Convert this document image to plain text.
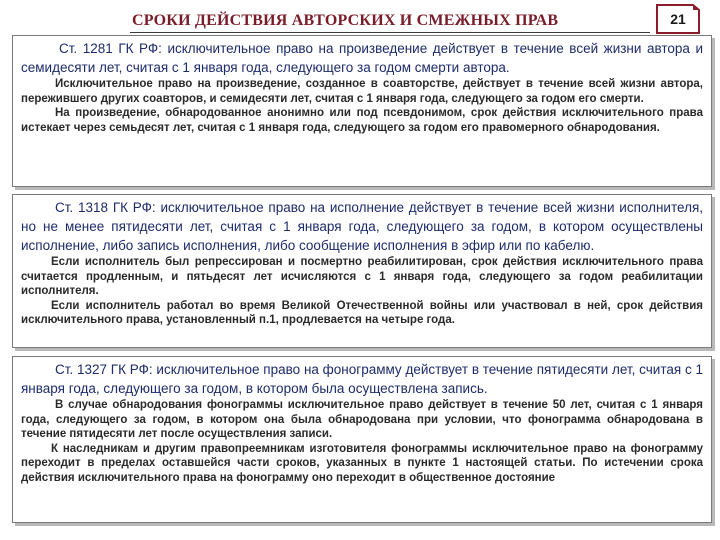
СРОКИ ДЕЙСТВИЯ АВТОРСКИХ И СМЕЖНЫХ ПРАВ	21

Ст. 1281 ГК РФ: исключительное право на произведение действует в течение всей жизни автора и семидесяти лет, считая с 1 января года, следующего за годом смерти автора.

Исключительное право на произведение, созданное в соавторстве, действует в течение всей жизни автора, пережившего других соавторов, и семидесяти лет, считая с 1 января года, следующего за годом его смерти.

На произведение, обнародованное анонимно или под псевдонимом, срок действия исключительного права истекает через семьдесят лет, считая с 1 января года, следующего за годом его правомерного обнародования.

Ст. 1318 ГК РФ: исключительное право на исполнение действует в течение всей жизни исполнителя, но не менее пятидесяти лет, считая с 1 января года, следующего за годом, в котором осуществлены исполнение, либо запись исполнения, либо сообщение исполнения в эфир или по кабелю.

Если исполнитель был репрессирован и посмертно реабилитирован, срок действия исключительного права считается продленным, и пятьдесят лет исчисляются с 1 января года, следующего за годом реабилитации исполнителя.

Если исполнитель работал во время Великой Отечественной войны или участвовал в ней, срок действия исключительного права, установленный п.1, продлевается на четыре года.

Ст. 1327 ГК РФ: исключительное право на фонограмму действует в течение пятидесяти лет, считая с 1 января года, следующего за годом, в котором была осуществлена запись.

В случае обнародования фонограммы исключительное право действует в течение 50 лет, считая с 1 января года, следующего за годом, в котором она была обнародована при условии, что фонограмма обнародована в течение пятидесяти лет после осуществления записи.

К наследникам и другим правопреемникам изготовителя фонограммы исключительное право на фонограмму переходит в пределах оставшейся части сроков, указанных в пункте 1 настоящей статьи. По истечении срока действия исключительного права на фонограмму оно переходит в общественное достояние
